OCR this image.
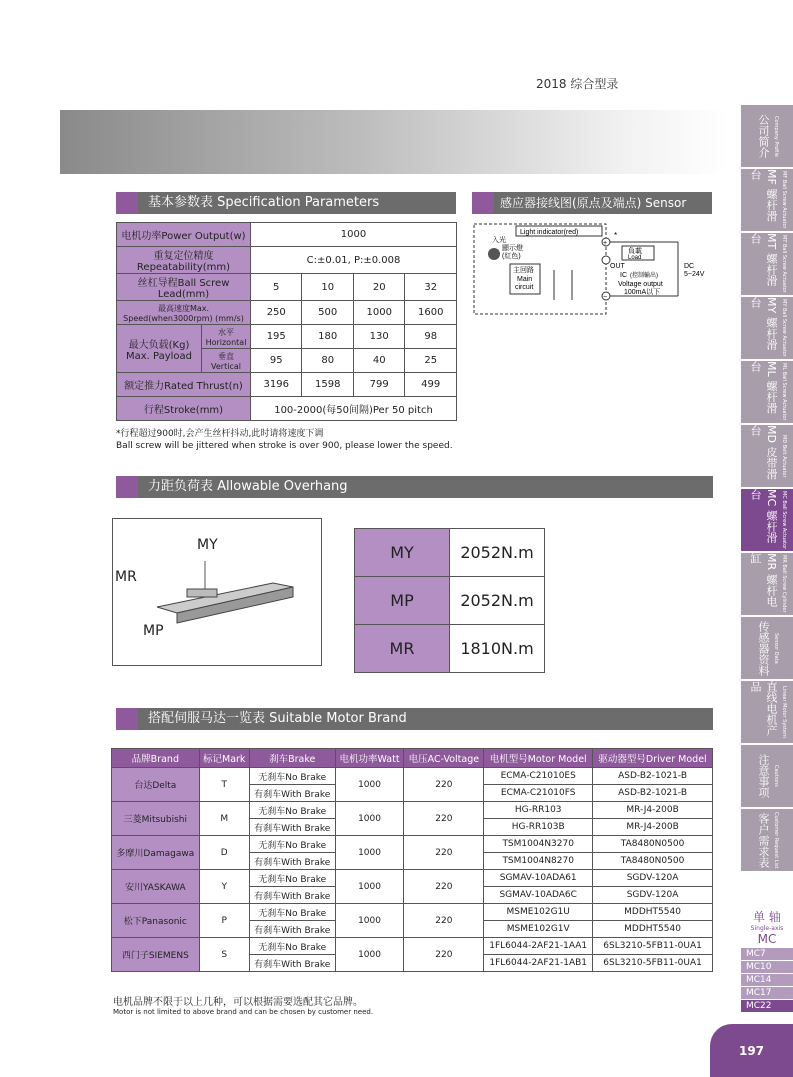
2018 综合型录
基本参数表 Specification Parameters
电机功率Power Output(w)		1000			
重复定位精度Repeatability(mm)		C:±0.01, P:±0.008			
丝杠导程Ball Screw Lead(mm)		5	10	20	32
最高速度Max. Speed(when3000rpm) (mm/s)		250	500	1000	1600

最大负载(Kg)
Max. Payload	水平Horizontal	195	180	130	98
	垂直Vertical	95	80	40	25
额定推力Rated Thrust(n)		3196	1598	799	499
行程Stroke(mm)		100-2000(每50间隔)Per 50 pitch			
*行程超过900时,会产生丝杆抖动,此时请将速度下调
Ball screw will be jittered when stroke is over 900, please lower the speed.
感应器接线图(原点及端点) Sensor Layout
Light indicator(red)
入光
顯示燈
(紅色)
主回路
Main
circuit
*
+
−
負載
Load
OUT
IC (控制輸出)
Voltage output
100mA以下
DC
5~24V
力距负荷表 Allowable Overhang
MY
MR
MP
MY	2052N.m
MP	2052N.m
MR	1810N.m
搭配伺服马达一览表 Suitable Motor Brand
品牌Brand	标记Mark	刹车Brake	电机功率Watt	电压AC-Voltage	电机型号Motor Model	驱动器型号Driver Model
台达Delta	T	无刹车No Brake	1000	220	ECMA-C21010ES	ASD-B2-1021-B
		有刹车With Brake			ECMA-C21010FS	ASD-B2-1021-B
三菱Mitsubishi	M	无刹车No Brake	1000	220	HG-RR103	MR-J4-200B
		有刹车With Brake			HG-RR103B	MR-J4-200B
多摩川Damagawa	D	无刹车No Brake	1000	220	TSM1004N3270	TA8480N0500
		有刹车With Brake			TSM1004N8270	TA8480N0500
安川YASKAWA	Y	无刹车No Brake	1000	220	SGMAV-10ADA61	SGDV-120A
		有刹车With Brake			SGMAV-10ADA6C	SGDV-120A
松下Panasonic	P	无刹车No Brake	1000	220	MSME102G1U	MDDHT5540
		有刹车With Brake			MSME102G1V	MDDHT5540
西门子SIEMENS	S	无刹车No Brake	1000	220	1FL6044-2AF21-1AA1	6SL3210-5FB11-0UA1
		有刹车With Brake			1FL6044-2AF21-1AB1	6SL3210-5FB11-0UA1
电机品牌不限于以上几种，可以根据需要选配其它品牌。
Motor is not limited to above brand and can be chosen by customer need.
公司简介 Company Profile
MF 螺杆滑台	MF Ball Screw Actuator
MT 螺杆滑台	MT Ball Screw Actuator
MY 螺杆滑台	MY Ball Screw Actuator
ML 螺杆滑台	ML Ball Screw Actuator
MD 皮带滑台
MD Belt Actuator
MC 螺杆滑台	MC Ball Screw Actuator
MR 螺杆电缸	MR Ball Screw Cylinder
传感器资料 Sensor Data
直线电机产品	Linear Motor System
注意事项 Cautions
客户需求表 Customer Request List
单 轴
Single-axis
MC
MC7
MC10
MC14
MC17
MC22
197
